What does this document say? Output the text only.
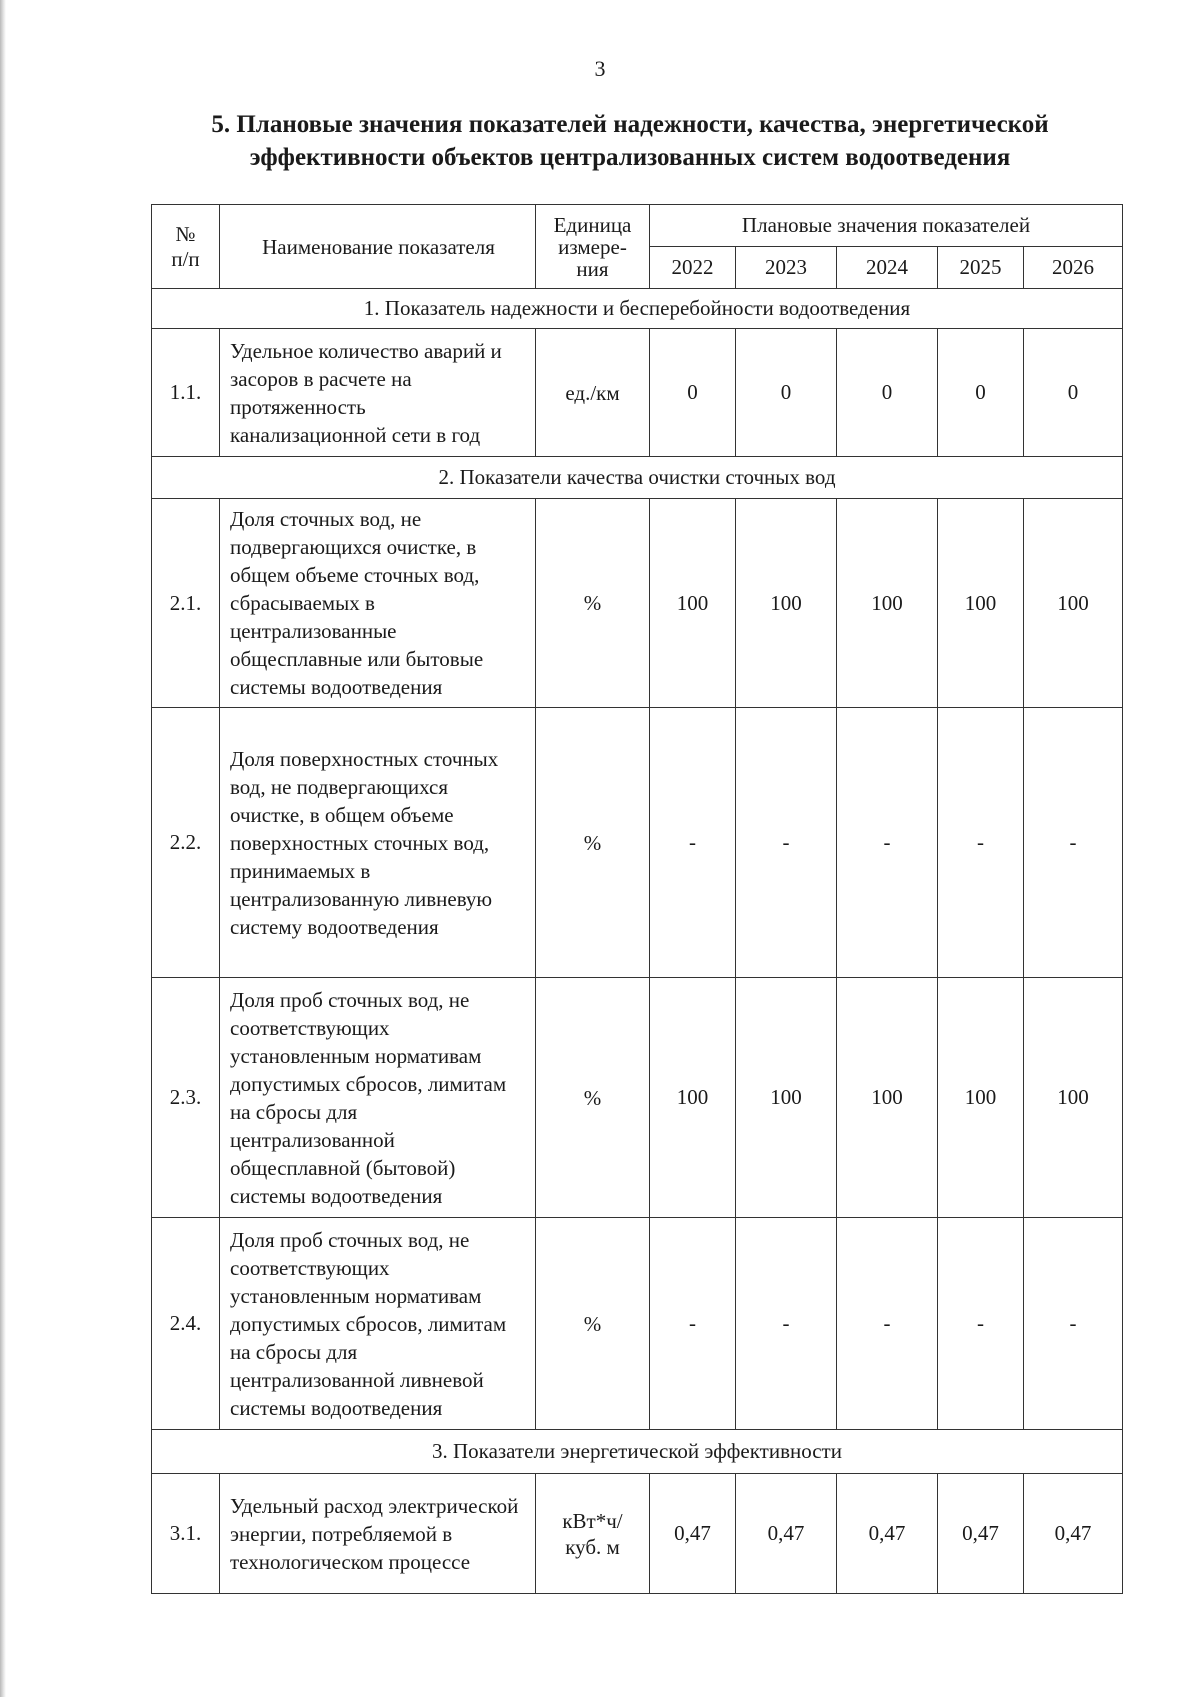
3
5. Плановые значения показателей надежности, качества, энергетической
эффективности объектов централизованных систем водоотведения
№ п/п	Наименование показателя	Единица измере-ния	Плановые значения показателей				
			2022	2023	2024	2025	2026
1. Показатель надежности и бесперебойности водоотведения							
1.1.	Удельное количество аварий и засоров в расчете на протяженность канализационной сети в год	ед./км	0	0	0	0	0
2. Показатели качества очистки сточных вод							
2.1.	Доля сточных вод, не подвергающихся очистке, в общем объеме сточных вод, сбрасываемых в централизованные общесплавные или бытовые системы водоотведения	%	100	100	100	100	100
2.2.	Доля поверхностных сточных вод, не подвергающихся очистке, в общем объеме поверхностных сточных вод, принимаемых в централизованную ливневую систему водоотведения	%	-	-	-	-	-
2.3.	Доля проб сточных вод, не соответствующих установленным нормативам допустимых сбросов, лимитам на сбросы для централизованной общесплавной (бытовой) системы водоотведения	%	100	100	100	100	100
2.4.	Доля проб сточных вод, не соответствующих установленным нормативам допустимых сбросов, лимитам на сбросы для централизованной ливневой системы водоотведения	%	-	-	-	-	-
3. Показатели энергетической эффективности							
3.1.	Удельный расход электрической энергии, потребляемой в технологическом процессе	кВт*ч/ куб. м	0,47	0,47	0,47	0,47	0,47
